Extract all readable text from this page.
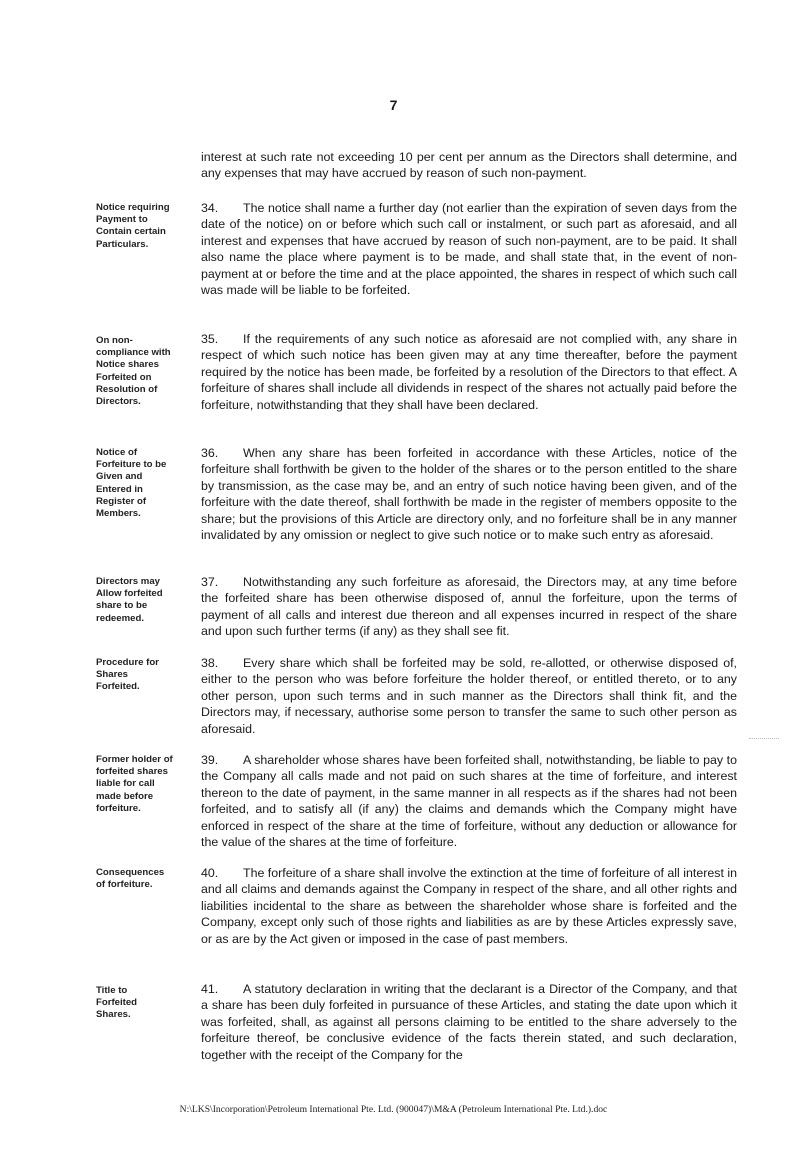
7
interest at such rate not exceeding 10 per cent per annum as the Directors shall determine, and any expenses that may have accrued by reason of such non-payment.
Notice requiring Payment to Contain certain Particulars.
34. The notice shall name a further day (not earlier than the expiration of seven days from the date of the notice) on or before which such call or instalment, or such part as aforesaid, and all interest and expenses that have accrued by reason of such non-payment, are to be paid. It shall also name the place where payment is to be made, and shall state that, in the event of non-payment at or before the time and at the place appointed, the shares in respect of which such call was made will be liable to be forfeited.
On non-compliance with Notice shares Forfeited on Resolution of Directors.
35. If the requirements of any such notice as aforesaid are not complied with, any share in respect of which such notice has been given may at any time thereafter, before the payment required by the notice has been made, be forfeited by a resolution of the Directors to that effect. A forfeiture of shares shall include all dividends in respect of the shares not actually paid before the forfeiture, notwithstanding that they shall have been declared.
Notice of Forfeiture to be Given and Entered in Register of Members.
36. When any share has been forfeited in accordance with these Articles, notice of the forfeiture shall forthwith be given to the holder of the shares or to the person entitled to the share by transmission, as the case may be, and an entry of such notice having been given, and of the forfeiture with the date thereof, shall forthwith be made in the register of members opposite to the share; but the provisions of this Article are directory only, and no forfeiture shall be in any manner invalidated by any omission or neglect to give such notice or to make such entry as aforesaid.
Directors may Allow forfeited share to be redeemed.
37. Notwithstanding any such forfeiture as aforesaid, the Directors may, at any time before the forfeited share has been otherwise disposed of, annul the forfeiture, upon the terms of payment of all calls and interest due thereon and all expenses incurred in respect of the share and upon such further terms (if any) as they shall see fit.
Procedure for Shares Forfeited.
38. Every share which shall be forfeited may be sold, re-allotted, or otherwise disposed of, either to the person who was before forfeiture the holder thereof, or entitled thereto, or to any other person, upon such terms and in such manner as the Directors shall think fit, and the Directors may, if necessary, authorise some person to transfer the same to such other person as aforesaid.
Former holder of forfeited shares liable for call made before forfeiture.
39. A shareholder whose shares have been forfeited shall, notwithstanding, be liable to pay to the Company all calls made and not paid on such shares at the time of forfeiture, and interest thereon to the date of payment, in the same manner in all respects as if the shares had not been forfeited, and to satisfy all (if any) the claims and demands which the Company might have enforced in respect of the share at the time of forfeiture, without any deduction or allowance for the value of the shares at the time of forfeiture.
Consequences of forfeiture.
40. The forfeiture of a share shall involve the extinction at the time of forfeiture of all interest in and all claims and demands against the Company in respect of the share, and all other rights and liabilities incidental to the share as between the shareholder whose share is forfeited and the Company, except only such of those rights and liabilities as are by these Articles expressly save, or as are by the Act given or imposed in the case of past members.
Title to Forfeited Shares.
41. A statutory declaration in writing that the declarant is a Director of the Company, and that a share has been duly forfeited in pursuance of these Articles, and stating the date upon which it was forfeited, shall, as against all persons claiming to be entitled to the share adversely to the forfeiture thereof, be conclusive evidence of the facts therein stated, and such declaration, together with the receipt of the Company for the
N:\LKS\Incorporation\Petroleum International Pte. Ltd. (900047)\M&A (Petroleum International Pte. Ltd.).doc
